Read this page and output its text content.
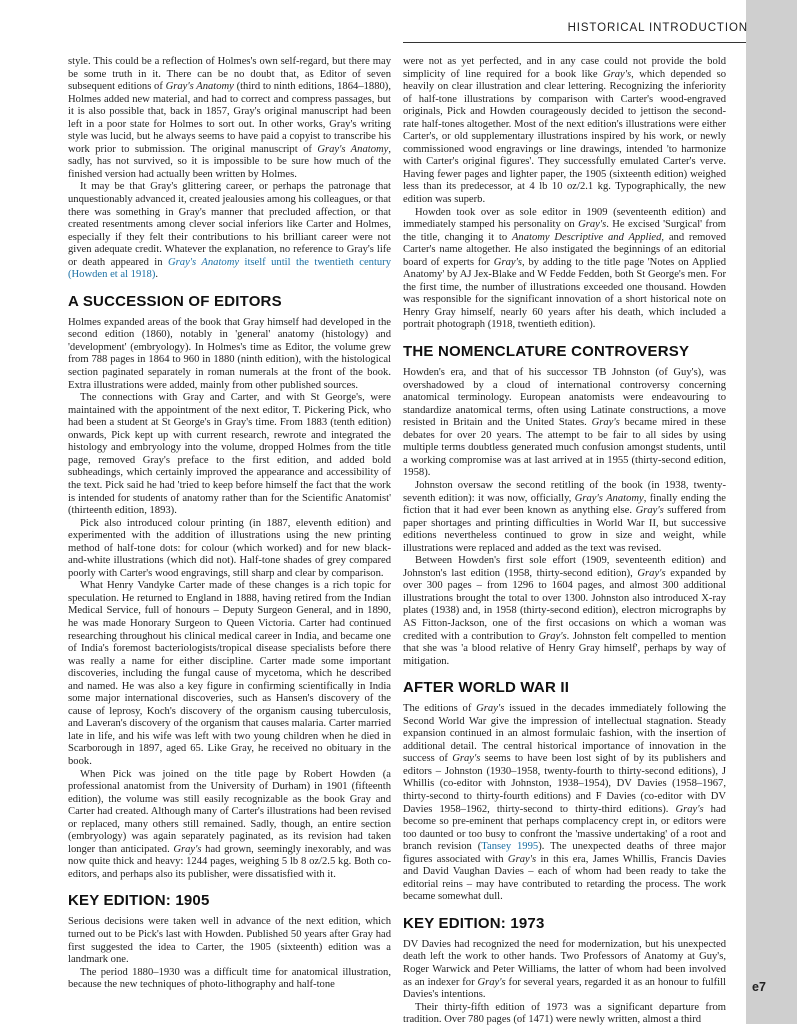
HISTORICAL INTRODUCTION
e7

style. This could be a reflection of Holmes's own self-regard, but there may be some truth in it. There can be no doubt that, as Editor of seven subsequent editions of Gray's Anatomy (third to ninth editions, 1864–1880), Holmes added new material, and had to correct and compress passages, but it is also possible that, back in 1857, Gray's original manuscript had been left in a poor state for Holmes to sort out. In other works, Gray's writing style was lucid, but he always seems to have paid a copyist to transcribe his work prior to submission. The original manuscript of Gray's Anatomy, sadly, has not survived, so it is impossible to be sure how much of the finished version had actually been written by Holmes.

It may be that Gray's glittering career, or perhaps the patronage that unquestionably advanced it, created jealousies among his colleagues, or that there was something in Gray's manner that precluded affection, or that created resentments among clever social inferiors like Carter and Holmes, especially if they felt their contributions to his brilliant career were not given adequate credit. Whatever the explanation, no reference to Gray's life or death appeared in Gray's Anatomy itself until the twentieth century (Howden et al 1918).

A SUCCESSION OF EDITORS

Holmes expanded areas of the book that Gray himself had developed in the second edition (1860), notably in 'general' anatomy (histology) and 'development' (embryology). In Holmes's time as Editor, the volume grew from 788 pages in 1864 to 960 in 1880 (ninth edition), with the histological section paginated separately in roman numerals at the front of the book. Extra illustrations were added, mainly from other published sources.

The connections with Gray and Carter, and with St George's, were maintained with the appointment of the next editor, T. Pickering Pick, who had been a student at St George's in Gray's time. From 1883 (tenth edition) onwards, Pick kept up with current research, rewrote and integrated the histology and embryology into the volume, dropped Holmes from the title page, removed Gray's preface to the first edition, and added bold subheadings, which certainly improved the appearance and accessibility of the text. Pick said he had 'tried to keep before himself the fact that the work is intended for students of anatomy rather than for the Scientific Anatomist' (thirteenth edition, 1893).

Pick also introduced colour printing (in 1887, eleventh edition) and experimented with the addition of illustrations using the new printing method of half-tone dots: for colour (which worked) and for new black-and-white illustrations (which did not). Half-tone shades of grey compared poorly with Carter's wood engravings, still sharp and clear by comparison.

What Henry Vandyke Carter made of these changes is a rich topic for speculation. He returned to England in 1888, having retired from the Indian Medical Service, full of honours – Deputy Surgeon General, and in 1890, he was made Honorary Surgeon to Queen Victoria. Carter had continued researching throughout his clinical medical career in India, and became one of India's foremost bacteriologists/tropical disease specialists before there was really a name for either discipline. Carter made some important discoveries, including the fungal cause of mycetoma, which he described and named. He was also a key figure in confirming scientifically in India some major international discoveries, such as Hansen's discovery of the cause of leprosy, Koch's discovery of the organism causing tuberculosis, and Laveran's discovery of the organism that causes malaria. Carter married late in life, and his wife was left with two young children when he died in Scarborough in 1897, aged 65. Like Gray, he received no obituary in the book.

When Pick was joined on the title page by Robert Howden (a professional anatomist from the University of Durham) in 1901 (fifteenth edition), the volume was still easily recognizable as the book Gray and Carter had created. Although many of Carter's illustrations had been revised or replaced, many others still remained. Sadly, though, an entire section (embryology) was again separately paginated, as its revision had taken longer than anticipated. Gray's had grown, seemingly inexorably, and was now quite thick and heavy: 1244 pages, weighing 5 lb 8 oz/2.5 kg. Both co-editors, and perhaps also its publisher, were dissatisfied with it.

KEY EDITION: 1905

Serious decisions were taken well in advance of the next edition, which turned out to be Pick's last with Howden. Published 50 years after Gray had first suggested the idea to Carter, the 1905 (sixteenth) edition was a landmark one.

The period 1880–1930 was a difficult time for anatomical illustration, because the new techniques of photo-lithography and half-tone

were not as yet perfected, and in any case could not provide the bold simplicity of line required for a book like Gray's, which depended so heavily on clear illustration and clear lettering. Recognizing the inferiority of half-tone illustrations by comparison with Carter's wood-engraved originals, Pick and Howden courageously decided to jettison the second-rate half-tones altogether. Most of the next edition's illustrations were either Carter's, or old supplementary illustrations inspired by his work, or newly commissioned wood engravings or line drawings, intended 'to harmonize with Carter's original figures'. They successfully emulated Carter's verve. Having fewer pages and lighter paper, the 1905 (sixteenth edition) weighed less than its predecessor, at 4 lb 10 oz/2.1 kg. Typographically, the new edition was superb.

Howden took over as sole editor in 1909 (seventeenth edition) and immediately stamped his personality on Gray's. He excised 'Surgical' from the title, changing it to Anatomy Descriptive and Applied, and removed Carter's name altogether. He also instigated the beginnings of an editorial board of experts for Gray's, by adding to the title page 'Notes on Applied Anatomy' by AJ Jex-Blake and W Fedde Fedden, both St George's men. For the first time, the number of illustrations exceeded one thousand. Howden was responsible for the significant innovation of a short historical note on Henry Gray himself, nearly 60 years after his death, which included a portrait photograph (1918, twentieth edition).

THE NOMENCLATURE CONTROVERSY

Howden's era, and that of his successor TB Johnston (of Guy's), was overshadowed by a cloud of international controversy concerning anatomical terminology. European anatomists were endeavouring to standardize anatomical terms, often using Latinate constructions, a move resisted in Britain and the United States. Gray's became mired in these debates for over 20 years. The attempt to be fair to all sides by using multiple terms doubtless generated much confusion amongst students, until a working compromise was at last arrived at in 1955 (thirty-second edition, 1958).

Johnston oversaw the second retitling of the book (in 1938, twenty-seventh edition): it was now, officially, Gray's Anatomy, finally ending the fiction that it had ever been known as anything else. Gray's suffered from paper shortages and printing difficulties in World War II, but successive editions nevertheless continued to grow in size and weight, while illustrations were replaced and added as the text was revised.

Between Howden's first sole effort (1909, seventeenth edition) and Johnston's last edition (1958, thirty-second edition), Gray's expanded by over 300 pages – from 1296 to 1604 pages, and almost 300 additional illustrations brought the total to over 1300. Johnston also introduced X-ray plates (1938) and, in 1958 (thirty-second edition), electron micrographs by AS Fitton-Jackson, one of the first occasions on which a woman was credited with a contribution to Gray's. Johnston felt compelled to mention that she was 'a blood relative of Henry Gray himself', perhaps by way of mitigation.

AFTER WORLD WAR II

The editions of Gray's issued in the decades immediately following the Second World War give the impression of intellectual stagnation. Steady expansion continued in an almost formulaic fashion, with the insertion of additional detail. The central historical importance of innovation in the success of Gray's seems to have been lost sight of by its publishers and editors – Johnston (1930–1958, twenty-fourth to thirty-second editions), J Whillis (co-editor with Johnston, 1938–1954), DV Davies (1958–1967, thirty-second to thirty-fourth editions) and F Davies (co-editor with DV Davies 1958–1962, thirty-second to thirty-third editions). Gray's had become so pre-eminent that perhaps complacency crept in, or editors were too daunted or too busy to confront the 'massive undertaking' of a root and branch revision (Tansey 1995). The unexpected deaths of three major figures associated with Gray's in this era, James Whillis, Francis Davies and David Vaughan Davies – each of whom had been ready to take the editorial reins – may have contributed to retarding the process. The work became somewhat dull.

KEY EDITION: 1973

DV Davies had recognized the need for modernization, but his unexpected death left the work to other hands. Two Professors of Anatomy at Guy's, Roger Warwick and Peter Williams, the latter of whom had been involved as an indexer for Gray's for several years, regarded it as an honour to fulfill Davies's intentions.

Their thirty-fifth edition of 1973 was a significant departure from tradition. Over 780 pages (of 1471) were newly written, almost a third
